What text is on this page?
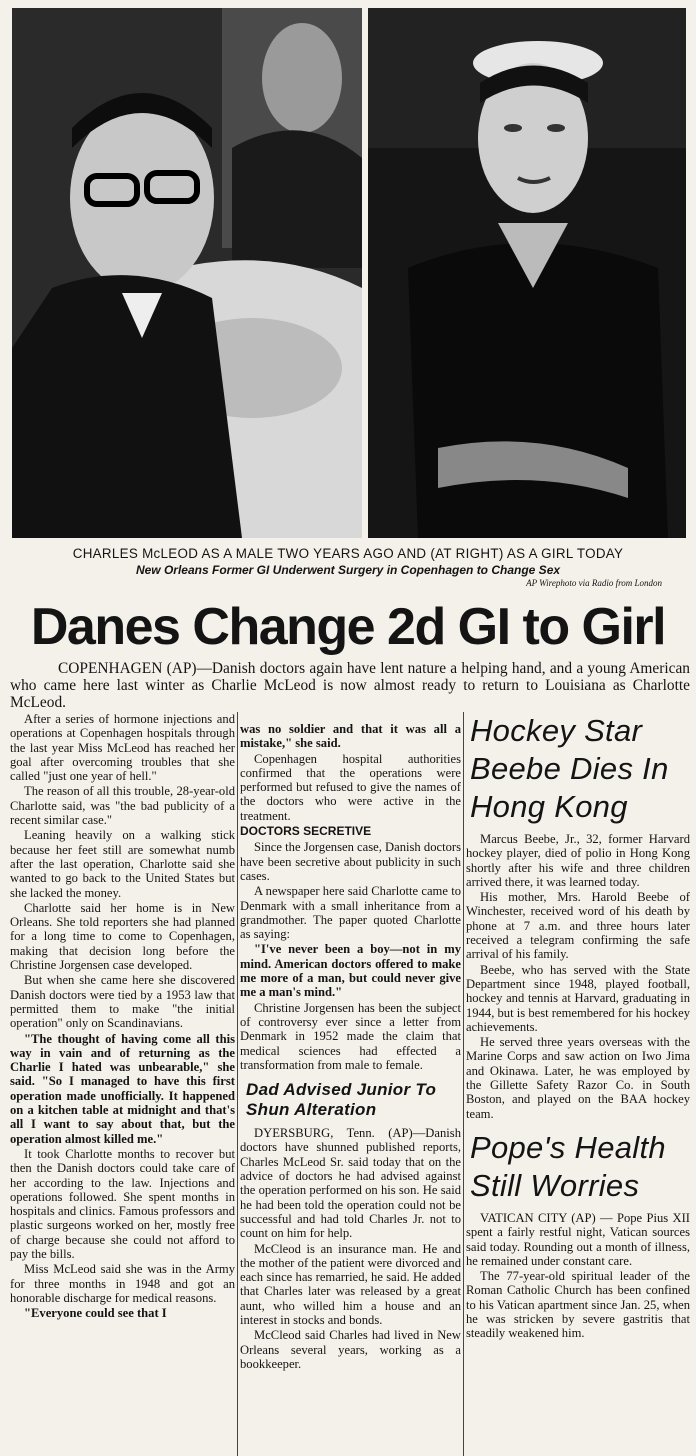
CHARLES McLEOD AS A MALE TWO YEARS AGO AND (AT RIGHT) AS A GIRL TODAY
New Orleans Former GI Underwent Surgery in Copenhagen to Change Sex
AP Wirephoto via Radio from London
Danes Change 2d GI to Girl
COPENHAGEN (AP)—Danish doctors again have lent nature a helping hand, and a young American who came here last winter as Charlie McLeod is now almost ready to return to Louisiana as Charlotte McLeod.

After a series of hormone injections and operations at Copenhagen hospitals through the last year Miss McLeod has reached her goal after overcoming troubles that she called "just one year of hell."

The reason of all this trouble, 28-year-old Charlotte said, was "the bad publicity of a recent similar case."

Leaning heavily on a walking stick because her feet still are somewhat numb after the last operation, Charlotte said she wanted to go back to the United States but she lacked the money.

Charlotte said her home is in New Orleans. She told reporters she had planned for a long time to come to Copenhagen, making that decision long before the Christine Jorgensen case developed.

But when she came here she discovered Danish doctors were tied by a 1953 law that permitted them to make "the initial operation" only on Scandinavians.

"The thought of having come all this way in vain and of returning as the Charlie I hated was unbearable," she said. "So I managed to have this first operation made unofficially. It happened on a kitchen table at midnight and that's all I want to say about that, but the operation almost killed me."

It took Charlotte months to recover but then the Danish doctors could take care of her according to the law. Injections and operations followed. She spent months in hospitals and clinics. Famous professors and plastic surgeons worked on her, mostly free of charge because she could not afford to pay the bills.

Miss McLeod said she was in the Army for three months in 1948 and got an honorable discharge for medical reasons.

"Everyone could see that I

was no soldier and that it was all a mistake," she said.

Copenhagen hospital authorities confirmed that the operations were performed but refused to give the names of the doctors who were active in the treatment.

DOCTORS SECRETIVE

Since the Jorgensen case, Danish doctors have been secretive about publicity in such cases.

A newspaper here said Charlotte came to Denmark with a small inheritance from a grandmother. The paper quoted Charlotte as saying:

"I've never been a boy—not in my mind. American doctors offered to make me more of a man, but could never give me a man's mind."

Christine Jorgensen has been the subject of controversy ever since a letter from Denmark in 1952 made the claim that medical sciences had effected a transformation from male to female.

Dad Advised Junior To Shun Alteration

DYERSBURG, Tenn. (AP)—Danish doctors have shunned published reports, Charles McLeod Sr. said today that on the advice of doctors he had advised against the operation performed on his son. He said he had been told the operation could not be successful and had told Charles Jr. not to count on him for help.

McCleod is an insurance man. He and the mother of the patient were divorced and each since has remarried, he said. He added that Charles later was released by a great aunt, who willed him a house and an interest in stocks and bonds.

McCleod said Charles had lived in New Orleans several years, working as a bookkeeper.

Hockey Star Beebe Dies In Hong Kong

Marcus Beebe, Jr., 32, former Harvard hockey player, died of polio in Hong Kong shortly after his wife and three children arrived there, it was learned today.

His mother, Mrs. Harold Beebe of Winchester, received word of his death by phone at 7 a.m. and three hours later received a telegram confirming the safe arrival of his family.

Beebe, who has served with the State Department since 1948, played football, hockey and tennis at Harvard, graduating in 1944, but is best remembered for his hockey achievements.

He served three years overseas with the Marine Corps and saw action on Iwo Jima and Okinawa. Later, he was employed by the Gillette Safety Razor Co. in South Boston, and played on the BAA hockey team.

Pope's Health Still Worries

VATICAN CITY (AP) — Pope Pius XII spent a fairly restful night, Vatican sources said today. Rounding out a month of illness, he remained under constant care.

The 77-year-old spiritual leader of the Roman Catholic Church has been confined to his Vatican apartment since Jan. 25, when he was stricken by severe gastritis that steadily weakened him.
